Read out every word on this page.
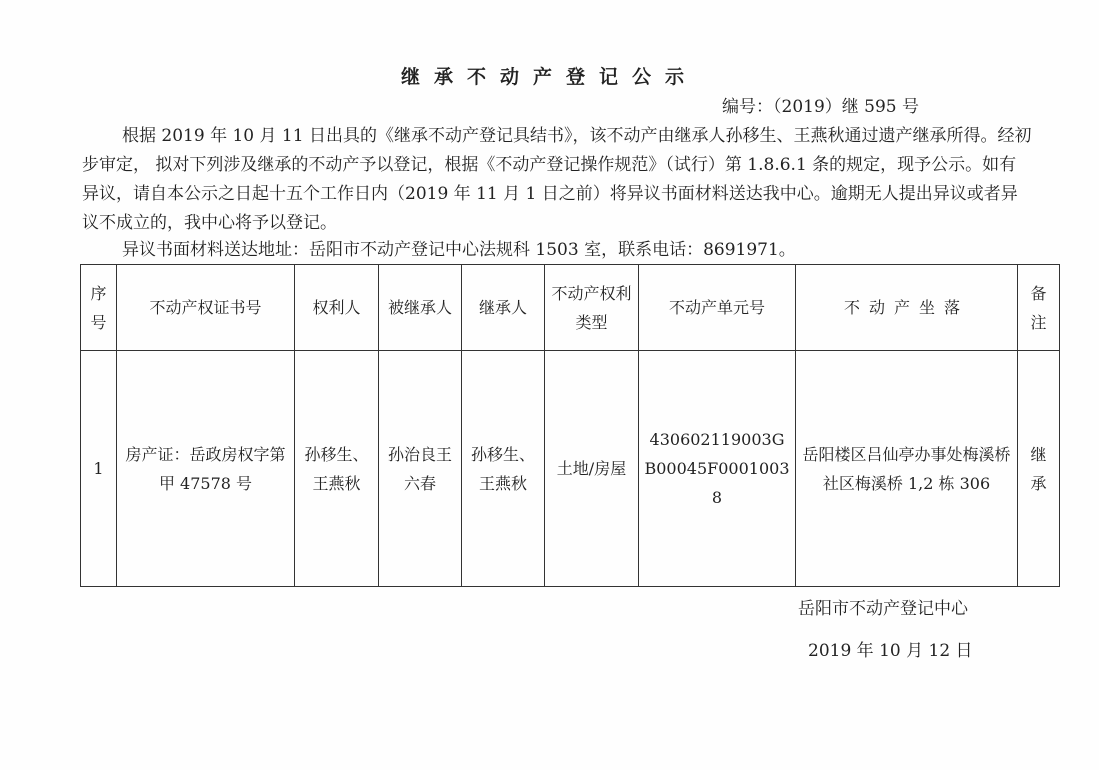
继承不动产登记公示
编号：（2019）继 595 号

根据 2019 年 10 月 11 日出具的《继承不动产登记具结书》，该不动产由继承人孙移生、王燕秋通过遗产继承所得。经初步审定， 拟对下列涉及继承的不动产予以登记，根据《不动产登记操作规范》（试行）第 1.8.6.1 条的规定，现予公示。如有异议，请自本公示之日起十五个工作日内（2019 年 11 月 1 日之前）将异议书面材料送达我中心。逾期无人提出异议或者异议不成立的，我中心将予以登记。

异议书面材料送达地址：岳阳市不动产登记中心法规科 1503 室，联系电话：8691971。

序号	不动产权证书号	权利人	被继承人	继承人	不动产权利类型	不动产单元号	不动产坐落	备注
1	房产证：岳政房权字第甲 47578 号	孙移生、王燕秋	孙治良王六春	孙移生、王燕秋	土地/房屋	430602119003GB00045F00010038	岳阳楼区吕仙亭办事处梅溪桥社区梅溪桥 1,2 栋 306	继承
岳阳市不动产登记中心
2019 年 10 月 12 日
